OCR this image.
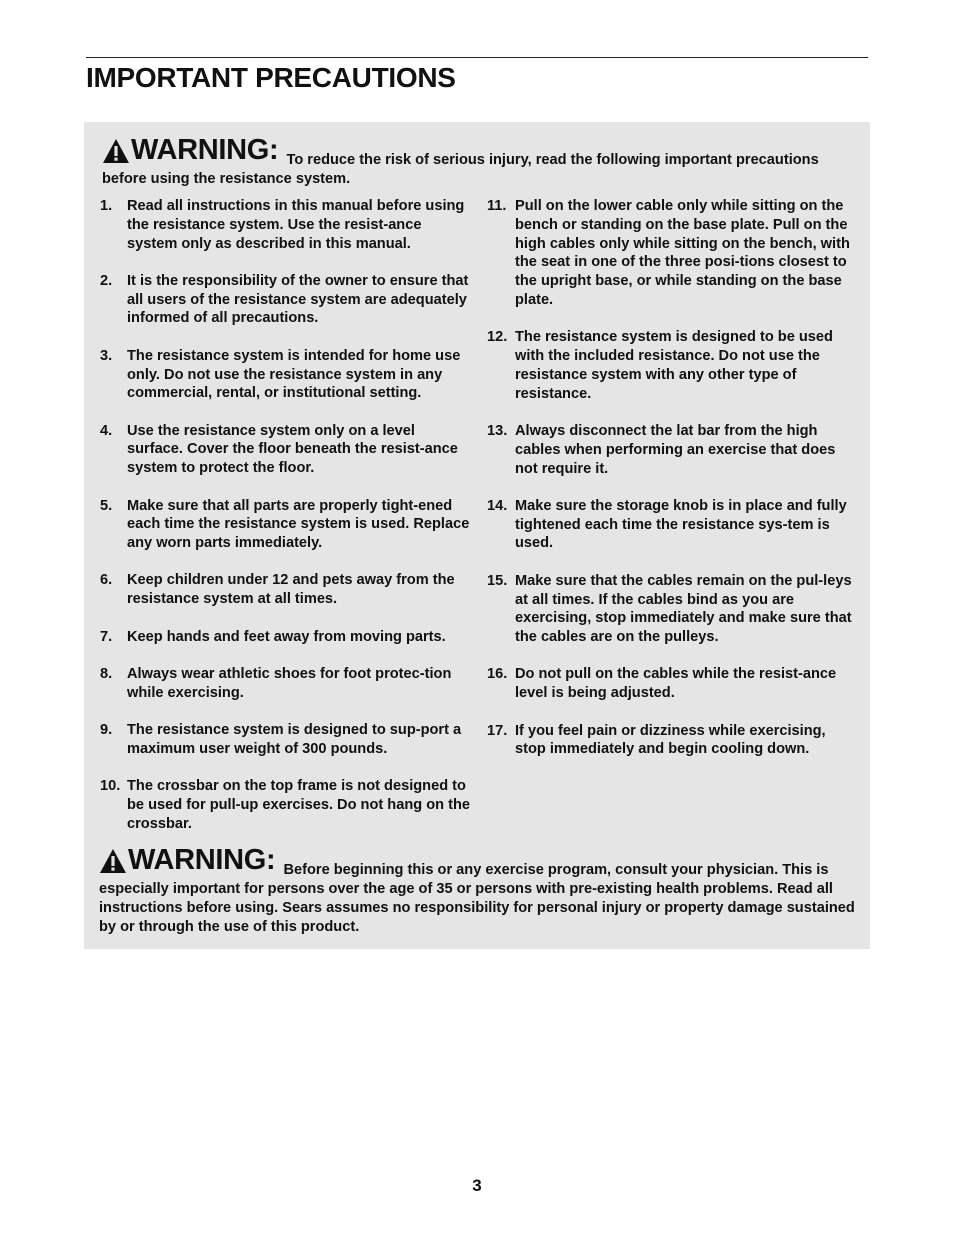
IMPORTANT PRECAUTIONS
WARNING: To reduce the risk of serious injury, read the following important precautions before using the resistance system.
1. Read all instructions in this manual before using the resistance system. Use the resist-ance system only as described in this manual.
2. It is the responsibility of the owner to ensure that all users of the resistance system are adequately informed of all precautions.
3. The resistance system is intended for home use only. Do not use the resistance system in any commercial, rental, or institutional setting.
4. Use the resistance system only on a level surface. Cover the floor beneath the resist-ance system to protect the floor.
5. Make sure that all parts are properly tight-ened each time the resistance system is used. Replace any worn parts immediately.
6. Keep children under 12 and pets away from the resistance system at all times.
7. Keep hands and feet away from moving parts.
8. Always wear athletic shoes for foot protec-tion while exercising.
9. The resistance system is designed to sup-port a maximum user weight of 300 pounds.
10. The crossbar on the top frame is not designed to be used for pull-up exercises. Do not hang on the crossbar.
11. Pull on the lower cable only while sitting on the bench or standing on the base plate. Pull on the high cables only while sitting on the bench, with the seat in one of the three posi-tions closest to the upright base, or while standing on the base plate.
12. The resistance system is designed to be used with the included resistance. Do not use the resistance system with any other type of resistance.
13. Always disconnect the lat bar from the high cables when performing an exercise that does not require it.
14. Make sure the storage knob is in place and fully tightened each time the resistance sys-tem is used.
15. Make sure that the cables remain on the pul-leys at all times. If the cables bind as you are exercising, stop immediately and make sure that the cables are on the pulleys.
16. Do not pull on the cables while the resist-ance level is being adjusted.
17. If you feel pain or dizziness while exercising, stop immediately and begin cooling down.
WARNING: Before beginning this or any exercise program, consult your physician. This is especially important for persons over the age of 35 or persons with pre-existing health problems. Read all instructions before using. Sears assumes no responsibility for personal injury or property damage sustained by or through the use of this product.
3
